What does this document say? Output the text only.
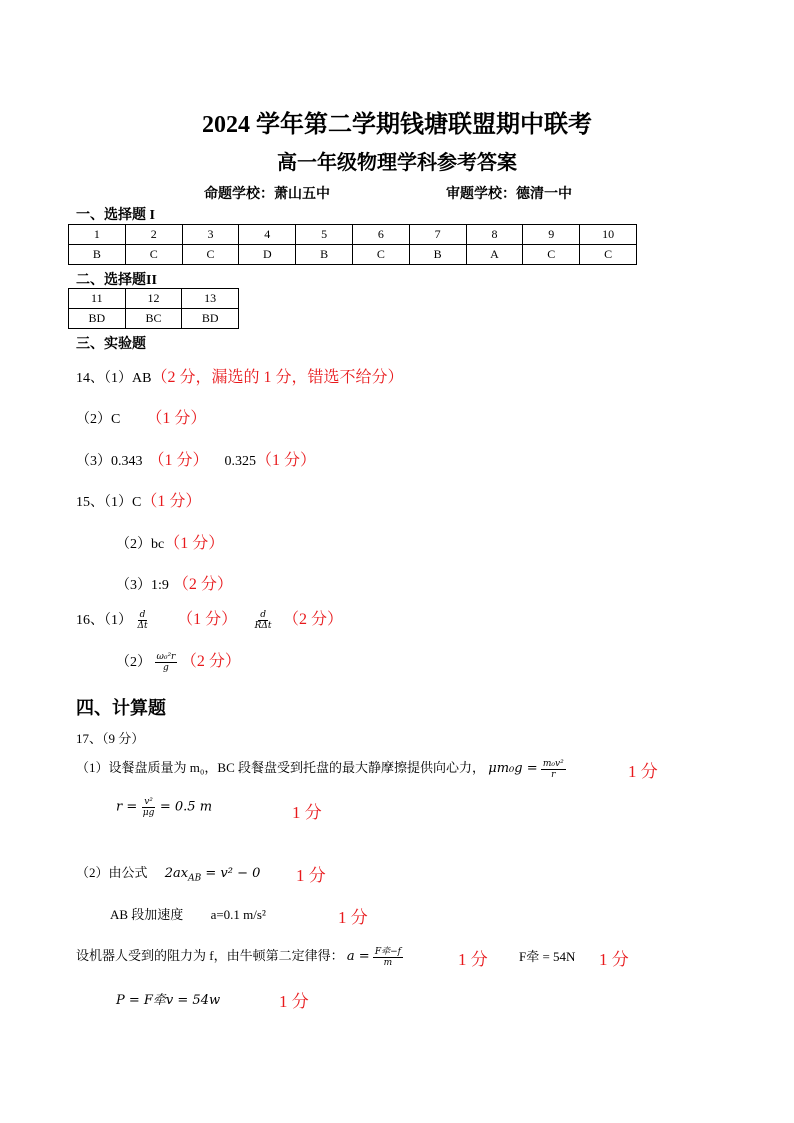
2024 学年第二学期钱塘联盟期中联考
高一年级物理学科参考答案
命题学校：萧山五中	审题学校：德清一中
一、选择题 I
1	2	3	4	5	6	7	8	9	10
B	C	C	D	B	C	B	A	C	C
二、选择题II
11	12	13
BD	BC	BD
三、实验题
14、（1）AB（2 分，漏选的 1 分，错选不给分）
（2）C （1 分）
（3）0.343 （1 分） 0.325（1 分）
15、（1）C（1 分）
（2）bc（1 分）
（3）1:9 （2 分）
16、$(1) \frac{d}{\Delta t} (1$ 分） $\frac{d}{\text{RΔt}} (2$ 分）
$(2) \frac{\text{ω₀²r}}{g} (2$ 分）
四、计算题
17、（9 分）
（1）设餐盘质量为 m₀，BC 段餐盘受到托盘的最大静摩擦提供向心力， $\mu m_0g = \frac{\text{m₀v²}}{r}$	1 分
$r = \frac{\text{v²}}{\mu g} = 0.5$ m	1 分
（2）由公式 $2ax_{AB} = v^2 - 0$ 1 分
AB 段加速度 a=0.1 m/s²	1 分
设机器人受到的阻力为 f，由牛顿第二定律得： $a = \frac{\text{F牵−f}}{m}$	1 分 F牵 = 54N 1 分
P = F牵v = 54w	1 分
